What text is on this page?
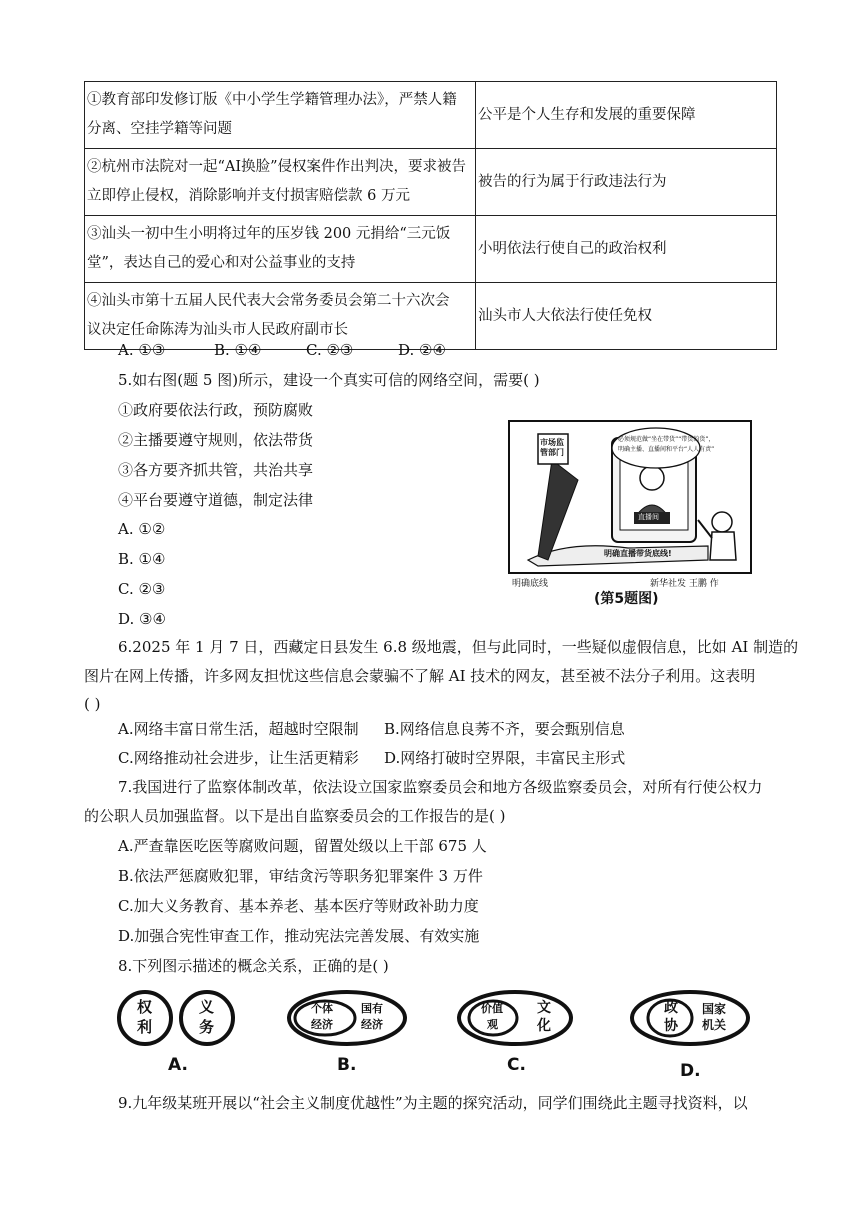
①教育部印发修订版《中小学生学籍管理办法》，严禁人籍
分离、空挂学籍等问题	公平是个人生存和发展的重要保障
②杭州市法院对一起“AI换脸”侵权案件作出判决，要求被告
立即停止侵权，消除影响并支付损害赔偿款 6 万元	被告的行为属于行政违法行为
③汕头一初中生小明将过年的压岁钱 200 元捐给“三元饭
堂”，表达自己的爱心和对公益事业的支持	小明依法行使自己的政治权利
④汕头市第十五届人民代表大会常务委员会第二十六次会
议决定任命陈涛为汕头市人民政府副市长	汕头市人大依法行使任免权
A. ①③	B. ①④	C. ②③	D. ②④
5.如右图(题 5 图)所示，建设一个真实可信的网络空间，需要( )
①政府要依法行政，预防腐败
②主播要遵守规则，依法带货
③各方要齐抓共管，共治共享
④平台要遵守道德，制定法律
A. ①②
B. ①④
C. ②③
D. ③④
市场监管部门
必须规范做“坐在带货”“带货的货”，
明确主播、直播间和平台“人人有责”
直播间
明确直播带货底线!
明确底线	新华社发 王鹏 作
(第5题图)
6.2025 年 1 月 7 日，西藏定日县发生 6.8 级地震，但与此同时，一些疑似虚假信息，比如 AI 制造的
图片在网上传播，许多网友担忧这些信息会蒙骗不了解 AI 技术的网友，甚至被不法分子利用。这表明
( )
A.网络丰富日常生活，超越时空限制 B.网络信息良莠不齐，要会甄别信息
C.网络推动社会进步，让生活更精彩 D.网络打破时空界限，丰富民主形式
7.我国进行了监察体制改革，依法设立国家监察委员会和地方各级监察委员会，对所有行使公权力
的公职人员加强监督。以下是出自监察委员会的工作报告的是( )
A.严查靠医吃医等腐败问题，留置处级以上干部 675 人
B.依法严惩腐败犯罪，审结贪污等职务犯罪案件 3 万件
C.加大义务教育、基本养老、基本医疗等财政补助力度
D.加强合宪性审查工作，推动宪法完善发展、有效实施
8.下列图示描述的概念关系，正确的是( )
权
利
义
务
A.
个体
经济
国有
经济
B.
价值
观
文
化
C.
政
协
国家
机关
D.
9.九年级某班开展以“社会主义制度优越性”为主题的探究活动，同学们围绕此主题寻找资料，以
